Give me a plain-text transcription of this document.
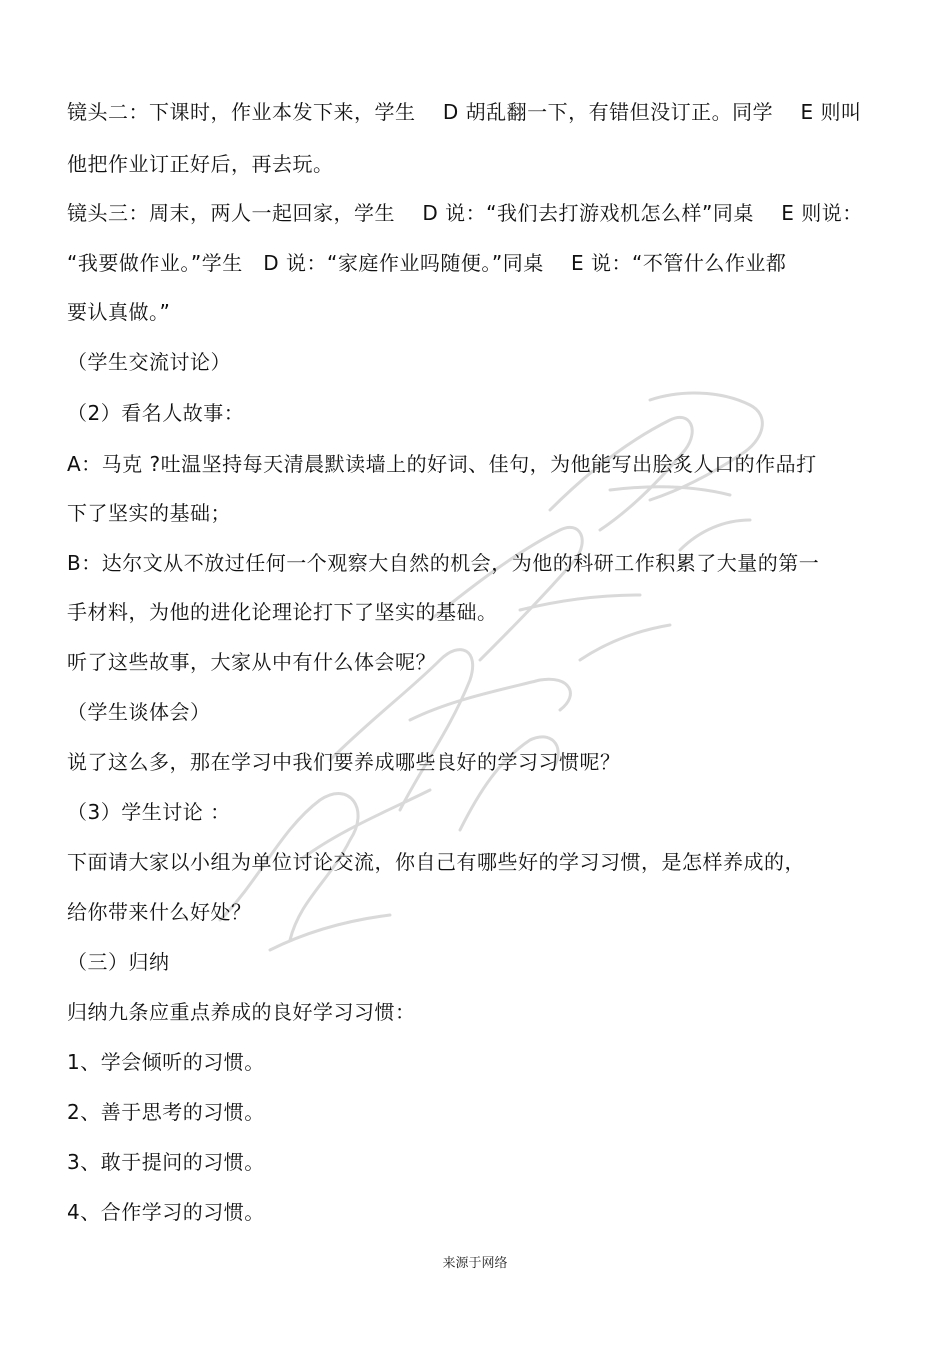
镜头二：下课时，作业本发下来，学生　 D 胡乱翻一下，有错但没订正。同学　 E 则叫
他把作业订正好后，再去玩。
镜头三：周末，两人一起回家，学生　 D 说：“我们去打游戏机怎么样”同桌　 E 则说：
“我要做作业。”学生　D 说：“家庭作业吗随便。”同桌　 E 说：“不管什么作业都
要认真做。”
（学生交流讨论）
（2）看名人故事：
A：马克 ?吐温坚持每天清晨默读墙上的好词、佳句，为他能写出脍炙人口的作品打
下了坚实的基础；
B：达尔文从不放过任何一个观察大自然的机会，为他的科研工作积累了大量的第一
手材料，为他的进化论理论打下了坚实的基础。
听了这些故事，大家从中有什么体会呢？
（学生谈体会）
说了这么多，那在学习中我们要养成哪些良好的学习习惯呢？
（3）学生讨论 ：
下面请大家以小组为单位讨论交流，你自己有哪些好的学习习惯，是怎样养成的，
给你带来什么好处？
（三）归纳
归纳九条应重点养成的良好学习习惯：
1、学会倾听的习惯。
2、善于思考的习惯。
3、敢于提问的习惯。
4、合作学习的习惯。
来源于网络
